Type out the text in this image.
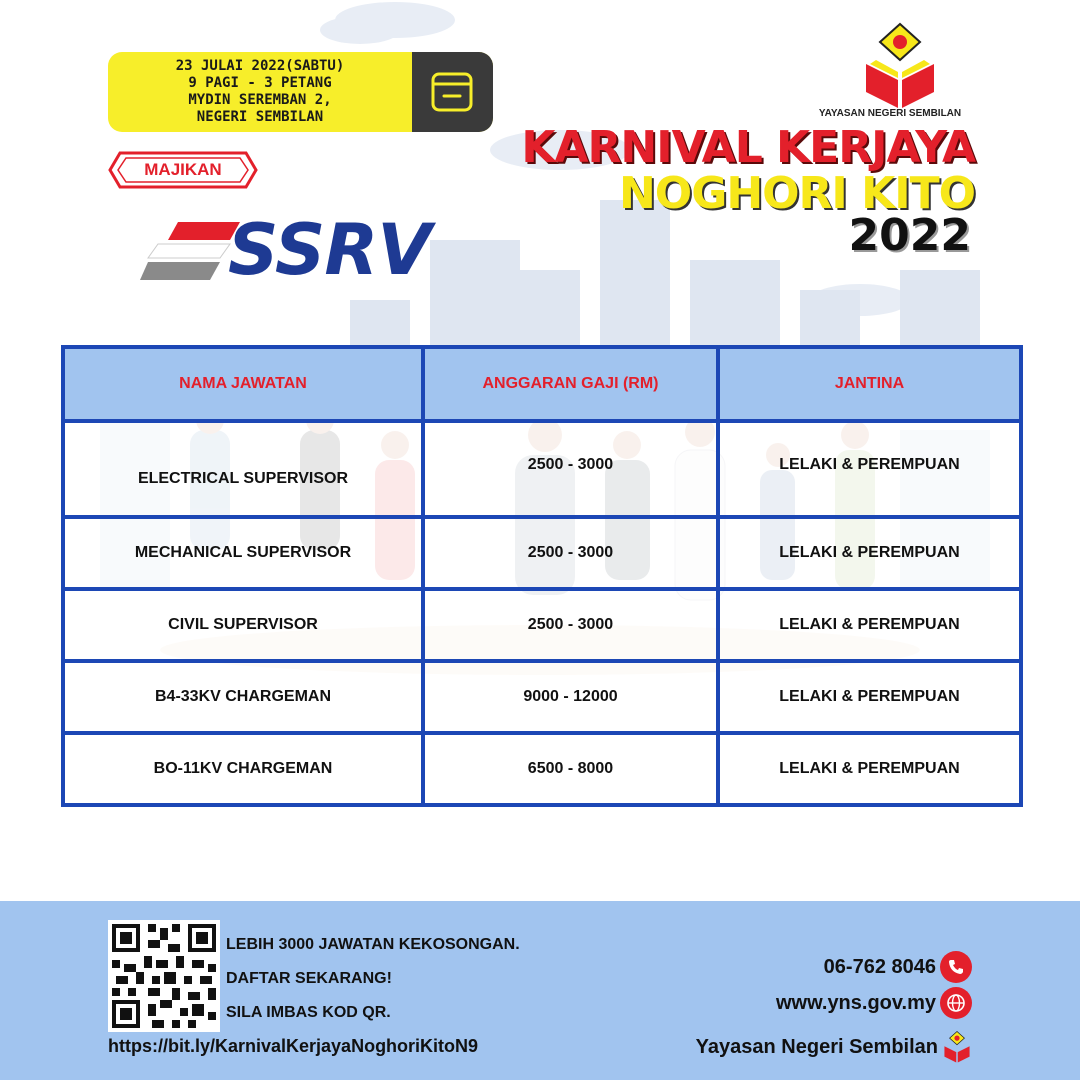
23 JULAI 2022(SABTU)
9 PAGI - 3 PETANG
MYDIN SEREMBAN 2,
NEGERI SEMBILAN
MAJIKAN
SSRV
YAYASAN NEGERI SEMBILAN
KARNIVAL KERJAYA
NOGHORI KITO
2022
NAMA JAWATAN	ANGGARAN GAJI (RM)	JANTINA

ELECTRICAL SUPERVISOR	2500 - 3000	LELAKI & PEREMPUAN

MECHANICAL SUPERVISOR	2500 - 3000	LELAKI & PEREMPUAN
CIVIL SUPERVISOR	2500 - 3000	LELAKI & PEREMPUAN
B4-33KV CHARGEMAN	9000 - 12000	LELAKI & PEREMPUAN
BO-11KV CHARGEMAN	6500 - 8000	LELAKI & PEREMPUAN
LEBIH 3000 JAWATAN KEKOSONGAN.
DAFTAR SEKARANG!
SILA IMBAS KOD QR.
https://bit.ly/KarnivalKerjayaNoghoriKitoN9
06-762 8046
www.yns.gov.my
Yayasan Negeri Sembilan
